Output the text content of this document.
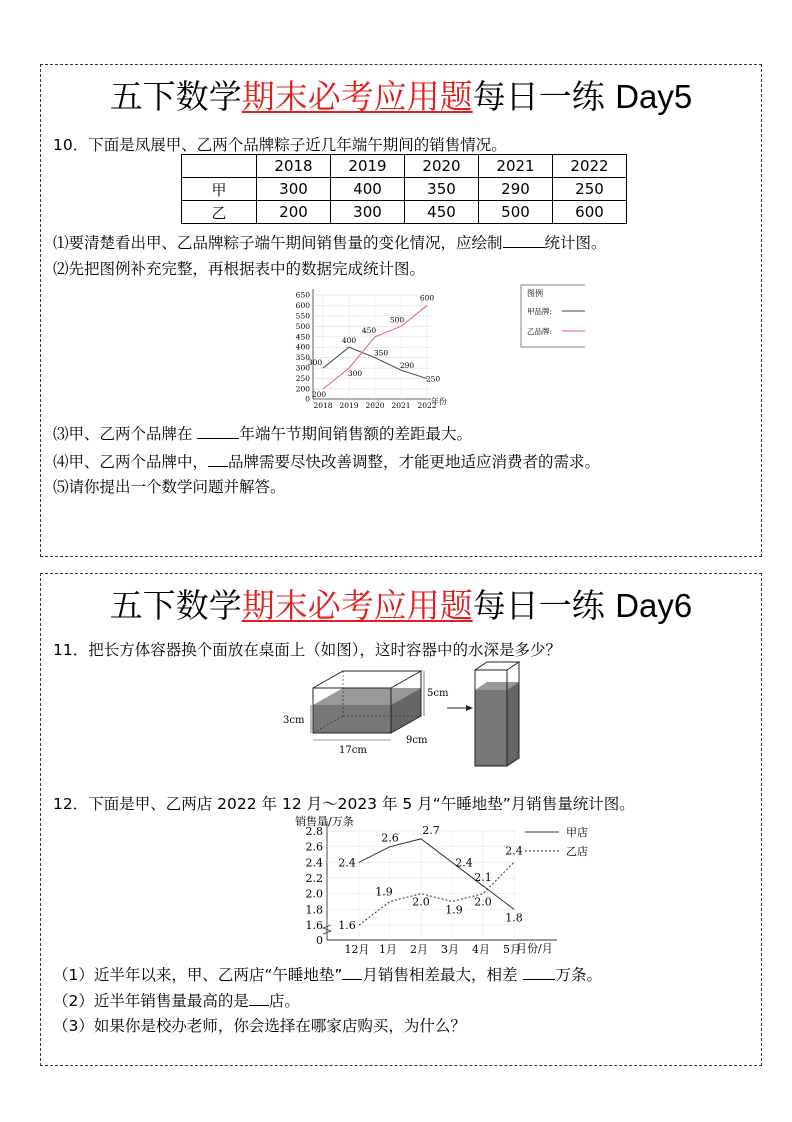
五下数学期末必考应用题每日一练 Day5
10．下面是凤展甲、乙两个品牌粽子近几年端午期间的销售情况。
	2018	2019	2020	2021	2022
甲	300	400	350	290	250
乙	200	300	450	500	600
⑴要清楚看出甲、乙品牌粽子端午期间销售量的变化情况，应绘制	统计图。
⑵先把图例补充完整，再根据表中的数据完成统计图。
0
200
250
300
350
400
450
500
550
600
650
2018 2019 2020 2021 2022
300
400
350
290
250
200
300
450
500
600
年份
图例
甲品牌:
乙品牌:
⑶甲、乙两个品牌在	年端午节期间销售额的差距最大。
⑷甲、乙两个品牌中， 品牌需要尽快改善调整，才能更地适应消费者的需求。
⑸请你提出一个数学问题并解答。
五下数学期末必考应用题每日一练 Day6
11．把长方体容器换个面放在桌面上（如图），这时容器中的水深是多少？
3cm
17cm
9cm
5cm
12．下面是甲、乙两店 2022 年 12 月～2023 年 5 月“午睡地垫”月销售量统计图。
0
1.6
1.8
2.0
2.2
2.4
2.6
2.8
12月 1月 2月 3月 4月 5月
2.4
2.6
2.7
2.4
2.1
1.8
1.6
1.9
2.0
1.9
2.0
2.4
销售量/万条
月份/月
甲店
乙店
（1）近半年以来，甲、乙两店“午睡地垫” 月销售相差最大，相差 万条。
（2）近半年销售量最高的是 店。
（3）如果你是校办老师，你会选择在哪家店购买，为什么？
